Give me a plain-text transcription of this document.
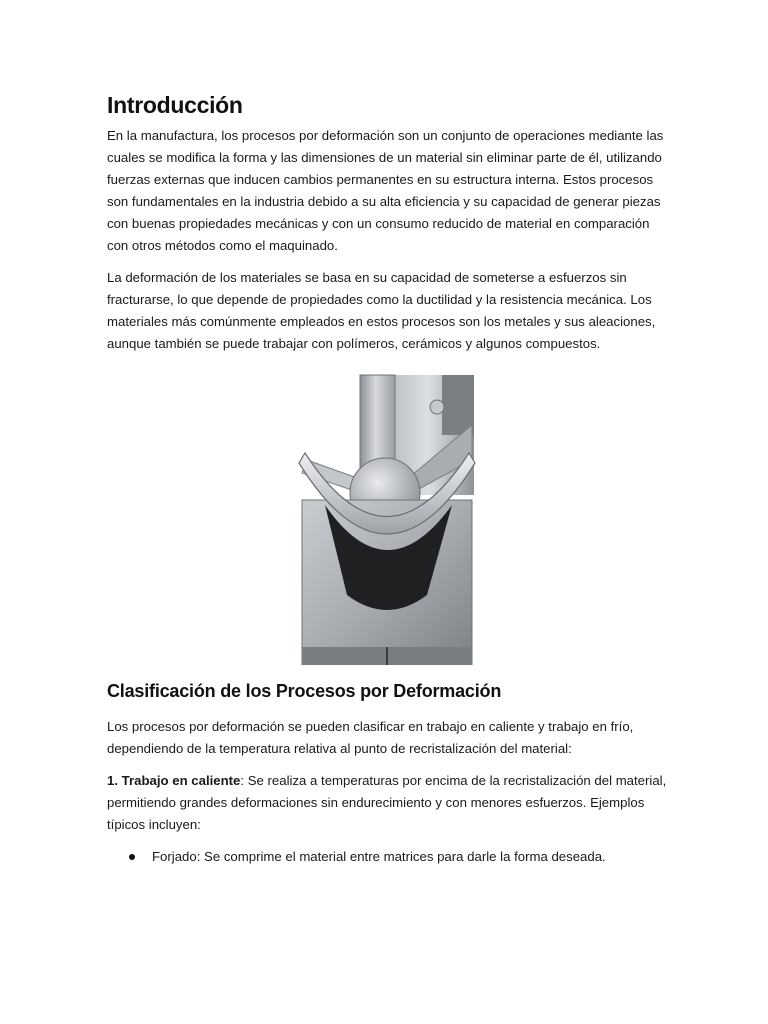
Introducción

En la manufactura, los procesos por deformación son un conjunto de operaciones mediante las cuales se modifica la forma y las dimensiones de un material sin eliminar parte de él, utilizando fuerzas externas que inducen cambios permanentes en su estructura interna. Estos procesos son fundamentales en la industria debido a su alta eficiencia y su capacidad de generar piezas con buenas propiedades mecánicas y con un consumo reducido de material en comparación con otros métodos como el maquinado.

La deformación de los materiales se basa en su capacidad de someterse a esfuerzos sin fracturarse, lo que depende de propiedades como la ductilidad y la resistencia mecánica. Los materiales más comúnmente empleados en estos procesos son los metales y sus aleaciones, aunque también se puede trabajar con polímeros, cerámicos y algunos compuestos.

Clasificación de los Procesos por Deformación

Los procesos por deformación se pueden clasificar en trabajo en caliente y trabajo en frío, dependiendo de la temperatura relativa al punto de recristalización del material:

1. Trabajo en caliente: Se realiza a temperaturas por encima de la recristalización del material, permitiendo grandes deformaciones sin endurecimiento y con menores esfuerzos. Ejemplos típicos incluyen:

Forjado: Se comprime el material entre matrices para darle la forma deseada.
